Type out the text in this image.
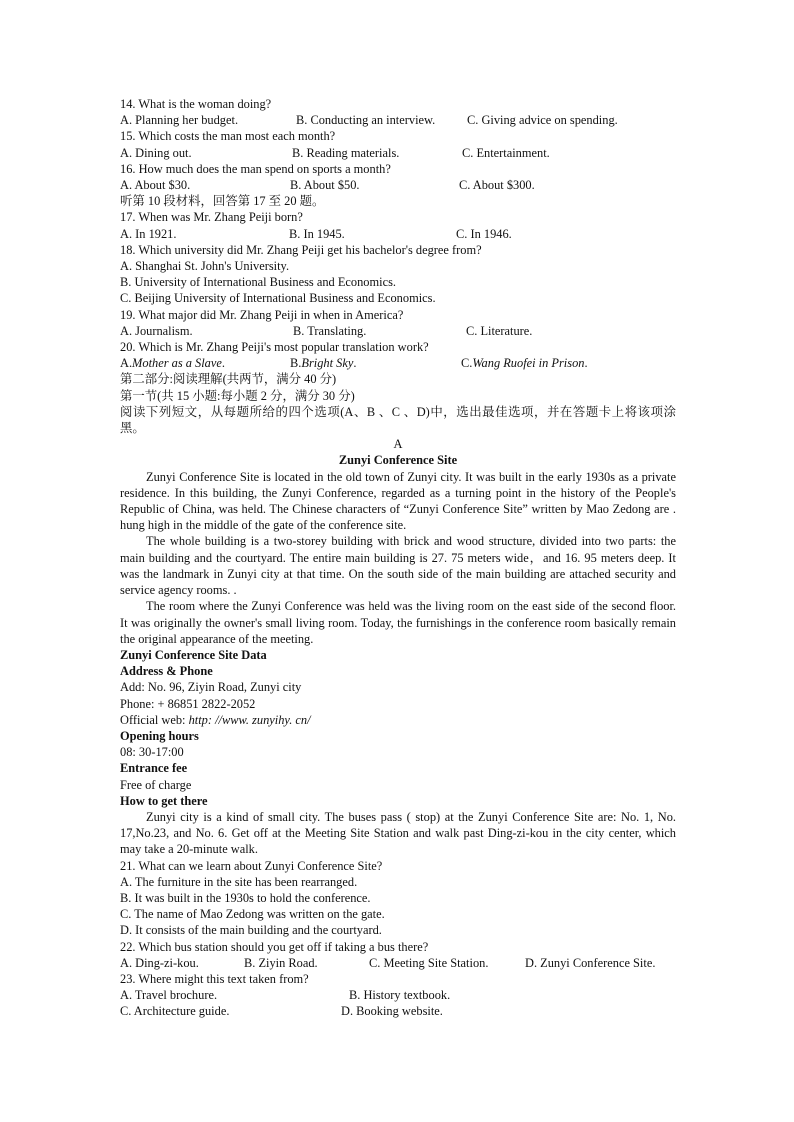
14. What is the woman doing?
A. Planning her budget.	B. Conducting an interview.	C. Giving advice on spending.
15. Which costs the man most each month?
A. Dining out.	B. Reading materials.	C. Entertainment.
16. How much does the man spend on sports a month?
A. About $30.	B. About $50.	C. About $300.
听第 10 段材料，回答第 17 至 20 题。
17. When was Mr. Zhang Peiji born?
A. In 1921.	B. In 1945.	C. In 1946.
18. Which university did Mr. Zhang Peiji get his bachelor's degree from?
A. Shanghai St. John's University.
B. University of International Business and Economics.
C. Beijing University of International Business and Economics.
19. What major did Mr. Zhang Peiji in when in America?
A. Journalism.	B. Translating.	C. Literature.
20. Which is Mr. Zhang Peiji's most popular translation work?
A.Mother as a Slave.	B.Bright Sky.	C.Wang Ruofei in Prison.
第二部分:阅读理解(共两节，满分 40 分)
第一节(共 15 小题:每小题 2 分，满分 30 分)
阅读下列短文，从每题所给的四个选项(A、B 、C 、D)中，选出最佳选项，并在答题卡上将该项涂黑。
A
Zunyi Conference Site
Zunyi Conference Site is located in the old town of Zunyi city. It was built in the early 1930s as a private residence. In this building, the Zunyi Conference, regarded as a turning point in the history of the People's Republic of China, was held. The Chinese characters of “Zunyi Conference Site” written by Mao Zedong are . hung high in the middle of the gate of the conference site.
The whole building is a two-storey building with brick and wood structure, divided into two parts: the main building and the courtyard. The entire main building is 27. 75 meters wide，and 16. 95 meters deep. It was the landmark in Zunyi city at that time. On the south side of the main building are attached security and service agency rooms. .
The room where the Zunyi Conference was held was the living room on the east side of the second floor. It was originally the owner's small living room. Today, the furnishings in the conference room basically remain the original appearance of the meeting.
Zunyi Conference Site Data
Address & Phone
Add: No. 96, Ziyin Road, Zunyi city
Phone: + 86851 2822-2052
Official web: http: //www. zunyihy. cn/
Opening hours
08: 30-17:00
Entrance fee
Free of charge
How to get there
Zunyi city is a kind of small city. The buses pass ( stop) at the Zunyi Conference Site are: No. 1, No. 17,No.23, and No. 6. Get off at the Meeting Site Station and walk past Ding-zi-kou in the city center, which may take a 20-minute walk.
21. What can we learn about Zunyi Conference Site?
A. The furniture in the site has been rearranged.
B. It was built in the 1930s to hold the conference.
C. The name of Mao Zedong was written on the gate.
D. It consists of the main building and the courtyard.
22. Which bus station should you get off if taking a bus there?
A. Ding-zi-kou.	B. Ziyin Road.	C. Meeting Site Station.	D. Zunyi Conference Site.
23. Where might this text taken from?
A. Travel brochure.	B. History textbook.
C. Architecture guide.	D. Booking website.
